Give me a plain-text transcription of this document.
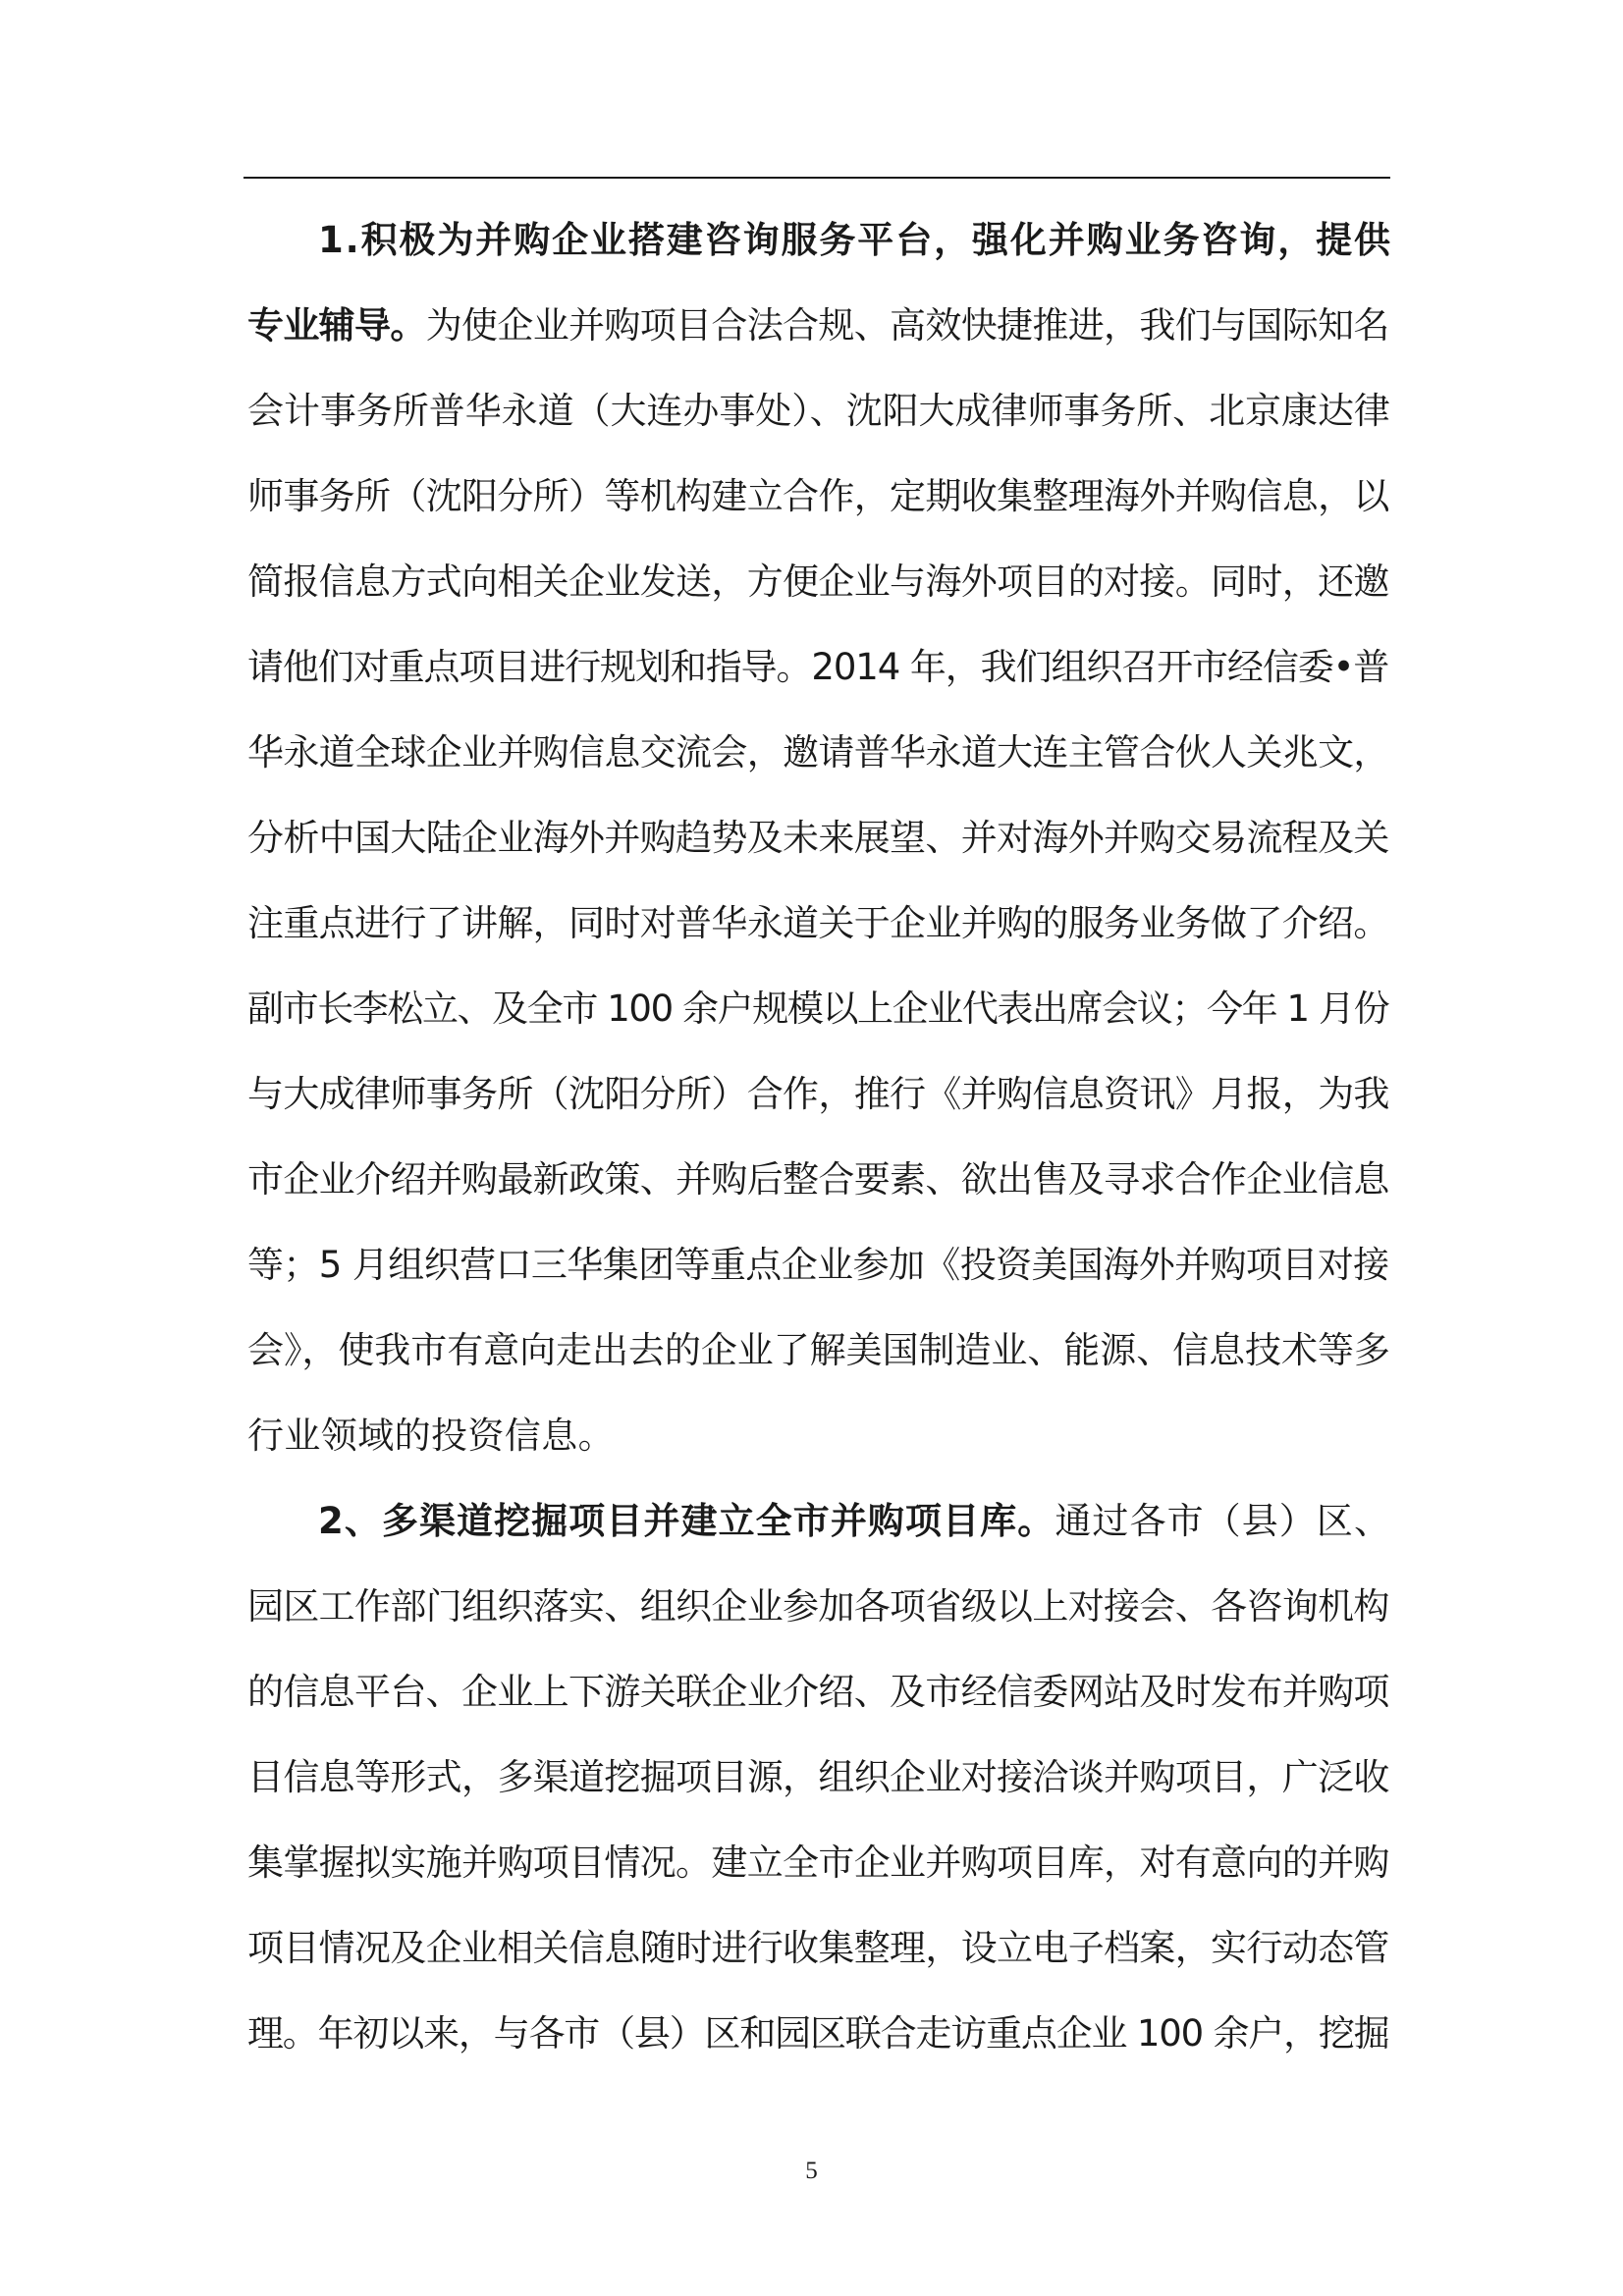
1.积极为并购企业搭建咨询服务平台，强化并购业务咨询，提供
专业辅导。为使企业并购项目合法合规、高效快捷推进，我们与国际知名
会计事务所普华永道（大连办事处）、沈阳大成律师事务所、北京康达律
师事务所（沈阳分所）等机构建立合作，定期收集整理海外并购信息，以
简报信息方式向相关企业发送，方便企业与海外项目的对接。同时，还邀
请他们对重点项目进行规划和指导。2014 年，我们组织召开市经信委•普
华永道全球企业并购信息交流会，邀请普华永道大连主管合伙人关兆文，
分析中国大陆企业海外并购趋势及未来展望、并对海外并购交易流程及关
注重点进行了讲解，同时对普华永道关于企业并购的服务业务做了介绍。
副市长李松立、及全市 100 余户规模以上企业代表出席会议；今年 1 月份
与大成律师事务所（沈阳分所）合作，推行《并购信息资讯》月报，为我
市企业介绍并购最新政策、并购后整合要素、欲出售及寻求合作企业信息
等；5 月组织营口三华集团等重点企业参加《投资美国海外并购项目对接
会》，使我市有意向走出去的企业了解美国制造业、能源、信息技术等多
行业领域的投资信息。
2、多渠道挖掘项目并建立全市并购项目库。通过各市（县）区、
园区工作部门组织落实、组织企业参加各项省级以上对接会、各咨询机构
的信息平台、企业上下游关联企业介绍、及市经信委网站及时发布并购项
目信息等形式，多渠道挖掘项目源，组织企业对接洽谈并购项目，广泛收
集掌握拟实施并购项目情况。建立全市企业并购项目库，对有意向的并购
项目情况及企业相关信息随时进行收集整理，设立电子档案，实行动态管
理。年初以来，与各市（县）区和园区联合走访重点企业 100 余户，挖掘
5
